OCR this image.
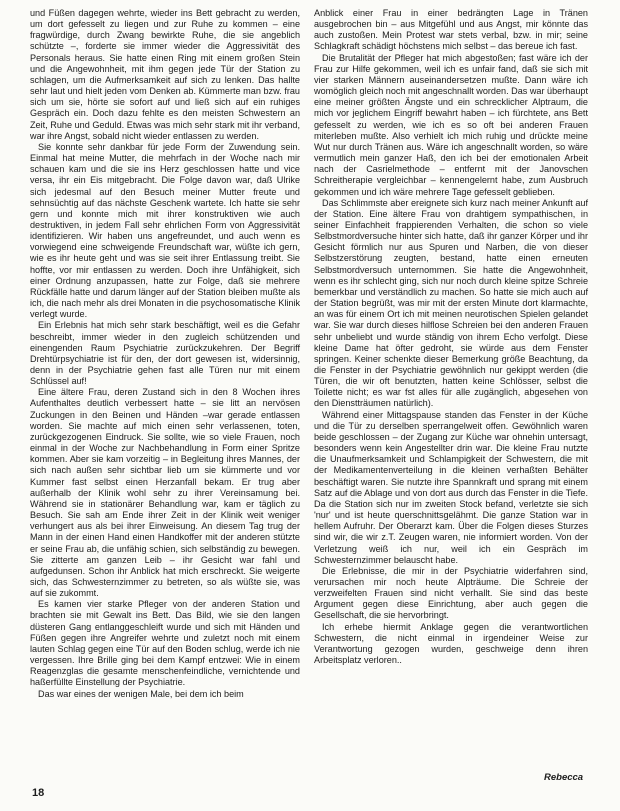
und Füßen dagegen wehrte, wieder ins Bett gebracht zu werden, um dort gefesselt zu liegen und zur Ruhe zu kommen – eine fragwürdige, durch Zwang bewirkte Ruhe, die sie angeblich schützte –, forderte sie immer wieder die Aggressivität des Personals heraus. Sie hatte einen Ring mit einem großen Stein und die Angewohnheit, mit ihm gegen jede Tür der Station zu schlagen, um die Aufmerksamkeit auf sich zu lenken. Das hallte sehr laut und hielt jeden vom Denken ab. Kümmerte man bzw. frau sich um sie, hörte sie sofort auf und ließ sich auf ein ruhiges Gespräch ein. Doch dazu fehlte es den meisten Schwestern an Zeit, Ruhe und Geduld. Etwas was mich sehr stark mit ihr verband, war ihre Angst, sobald nicht wieder entlassen zu werden.

Sie konnte sehr dankbar für jede Form der Zuwendung sein. Einmal hat meine Mutter, die mehrfach in der Woche nach mir schauen kam und die sie ins Herz geschlossen hatte und vice versa, ihr ein Eis mitgebracht. Die Folge davon war, daß Ulrike sich jedesmal auf den Besuch meiner Mutter freute und sehnsüchtig auf das nächste Geschenk wartete. Ich hatte sie sehr gern und konnte mich mit ihrer konstruktiven wie auch destruktiven, in jedem Fall sehr ehrlichen Form von Aggressivität identifizieren. Wir haben uns angefreundet, und auch wenn es vorwiegend eine schweigende Freundschaft war, wüßte ich gern, wie es ihr heute geht und was sie seit ihrer Entlassung treibt. Sie hoffte, vor mir entlassen zu werden. Doch ihre Unfähigkeit, sich einer Ordnung anzupassen, hatte zur Folge, daß sie mehrere Rückfälle hatte und darum länger auf der Station bleiben mußte als ich, die nach mehr als drei Monaten in die psychosomatische Klinik verlegt wurde.

Ein Erlebnis hat mich sehr stark beschäftigt, weil es die Gefahr beschreibt, immer wieder in den zugleich schützenden und einengenden Raum Psychiatrie zurückzukehren. Der Begriff Drehtürpsychiatrie ist für den, der dort gewesen ist, widersinnig, denn in der Psychiatrie gehen fast alle Türen nur mit einem Schlüssel auf!

Eine ältere Frau, deren Zustand sich in den 8 Wochen ihres Aufenthaltes deutlich verbessert hatte – sie litt an nervösen Zuckungen in den Beinen und Händen –war gerade entlassen worden. Sie machte auf mich einen sehr verlassenen, toten, zurückgezogenen Eindruck. Sie sollte, wie so viele Frauen, noch einmal in der Woche zur Nachbehandlung in Form einer Spritze kommen. Aber sie kam vorzeitig – in Begleitung ihres Mannes, der sich nach außen sehr sichtbar lieb um sie kümmerte und vor Kummer fast selbst einen Herzanfall bekam. Er trug aber außerhalb der Klinik wohl sehr zu ihrer Vereinsamung bei. Während sie in stationärer Behandlung war, kam er täglich zu Besuch. Sie sah am Ende ihrer Zeit in der Klinik weit weniger verhungert aus als bei ihrer Einweisung. An diesem Tag trug der Mann in der einen Hand einen Handkoffer mit der anderen stützte er seine Frau ab, die unfähig schien, sich selbständig zu bewegen. Sie zitterte am ganzen Leib – ihr Gesicht war fahl und aufgedunsen. Schon ihr Anblick hat mich erschreckt. Sie weigerte sich, das Schwesternzimmer zu betreten, so als wüßte sie, was auf sie zukommt.

Es kamen vier starke Pfleger von der anderen Station und brachten sie mit Gewalt ins Bett. Das Bild, wie sie den langen düsteren Gang entlanggeschleift wurde und sich mit Händen und Füßen gegen ihre Angreifer wehrte und zuletzt noch mit einem lauten Schlag gegen eine Tür auf den Boden schlug, werde ich nie vergessen. Ihre Brille ging bei dem Kampf entzwei: Wie in einem Reagenzglas die gesamte menschenfeindliche, vernichtende und haßerfüllte Einstellung der Psychiatrie.

Das war eines der wenigen Male, bei dem ich beim

Anblick einer Frau in einer bedrängten Lage in Tränen ausgebrochen bin – aus Mitgefühl und aus Angst, mir könnte das auch zustoßen. Mein Protest war stets verbal, bzw. in mir; seine Schlagkraft schädigt höchstens mich selbst – das bereue ich fast.

Die Brutalität der Pfleger hat mich abgestoßen; fast wäre ich der Frau zur Hilfe gekommen, weil ich es unfair fand, daß sie sich mit vier starken Männern auseinandersetzen mußte. Dann wäre ich womöglich gleich noch mit angeschnallt worden. Das war überhaupt eine meiner größten Ängste und ein schrecklicher Alptraum, die mich vor jeglichem Eingriff bewahrt haben – ich fürchtete, ans Bett gefesselt zu werden, wie ich es so oft bei anderen Frauen miterleben mußte. Also verhielt ich mich ruhig und drückte meine Wut nur durch Tränen aus. Wäre ich angeschnallt worden, so wäre vermutlich mein ganzer Haß, den ich bei der emotionalen Arbeit nach der Casrielmethode – entfernt mit der Janovschen Schreitherapie vergleichbar – kennengelernt habe, zum Ausbruch gekommen und ich wäre mehrere Tage gefesselt geblieben.

Das Schlimmste aber ereignete sich kurz nach meiner Ankunft auf der Station. Eine ältere Frau von drahtigem sympathischen, in seiner Einfachheit frappierenden Verhalten, die schon so viele Selbstmordversuche hinter sich hatte, daß ihr ganzer Körper und ihr Gesicht förmlich nur aus Spuren und Narben, die von dieser Selbstzerstörung zeugten, bestand, hatte einen erneuten Selbstmordversuch unternommen. Sie hatte die Angewohnheit, wenn es ihr schlecht ging, sich nur noch durch kleine spitze Schreie bemerkbar und verständlich zu machen. So hatte sie mich auch auf der Station begrüßt, was mir mit der ersten Minute dort klarmachte, an was für einem Ort ich mit meinen neurotischen Spielen gelandet war. Sie war durch dieses hilflose Schreien bei den anderen Frauen sehr unbeliebt und wurde ständig von ihrem Echo verfolgt. Diese kleine Dame hat öfter gedroht, sie würde aus dem Fenster springen. Keiner schenkte dieser Bemerkung größe Beachtung, da die Fenster in der Psychiatrie gewöhnlich nur gekippt werden (die Türen, die wir oft benutzten, hatten keine Schlösser, selbst die Toilette nicht; es war fst alles für alle zugänglich, abgesehen von den Dienstträumen natürlich).

Während einer Mittagspause standen das Fenster in der Küche und die Tür zu derselben sperrangelweit offen. Gewöhnlich waren beide geschlossen – der Zugang zur Küche war ohnehin untersagt, besonders wenn kein Angestellter drin war. Die kleine Frau nutzte die Unaufmerksamkeit und Schlampigkeit der Schwestern, die mit der Medikamentenverteilung in die kleinen verhaßten Behälter beschäftigt waren. Sie nutzte ihre Spannkraft und sprang mit einem Satz auf die Ablage und von dort aus durch das Fenster in die Tiefe. Da die Station sich nur im zweiten Stock befand, verletzte sie sich 'nur' und ist heute querschnittsgelähmt. Die ganze Station war in hellem Aufruhr. Der Oberarzt kam. Über die Folgen dieses Sturzes sind wir, die wir z.T. Zeugen waren, nie informiert worden. Von der Verletzung weiß ich nur, weil ich ein Gespräch im Schwesternzimmer belauscht habe.

Die Erlebnisse, die mir in der Psychiatrie widerfahren sind, verursachen mir noch heute Alpträume. Die Schreie der verzweifelten Frauen sind nicht verhallt. Sie sind das beste Argument gegen diese Einrichtung, aber auch gegen die Gesellschaft, die sie hervorbringt.

Ich erhebe hiermit Anklage gegen die verantwortlichen Schwestern, die nicht einmal in irgendeiner Weise zur Verantwortung gezogen wurden, geschweige denn ihren Arbeitsplatz verloren..

Rebecca
18
